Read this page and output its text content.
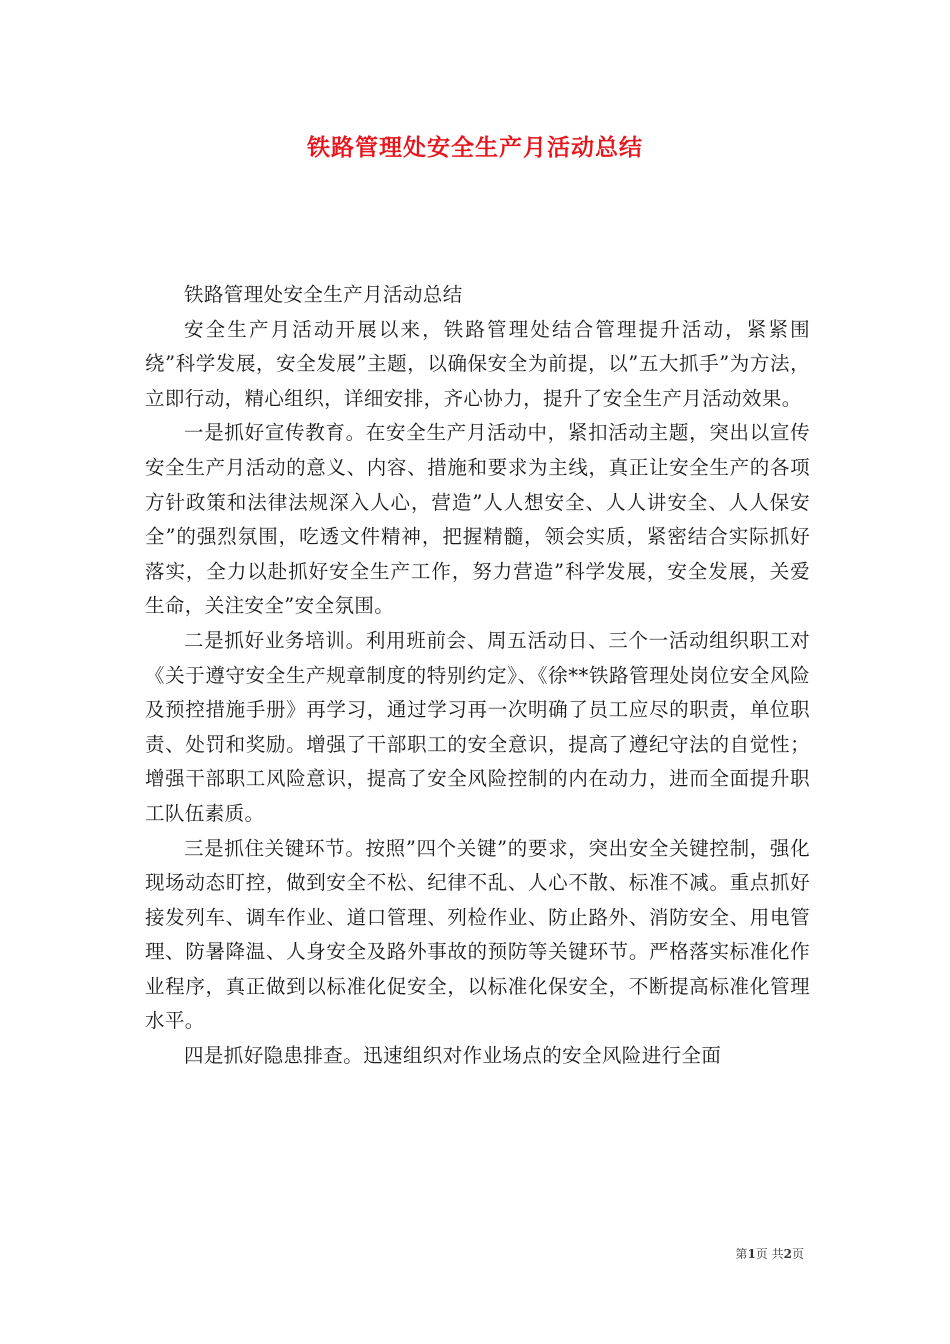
铁路管理处安全生产月活动总结

铁路管理处安全生产月活动总结

安全生产月活动开展以来，铁路管理处结合管理提升活动，紧紧围绕”科学发展，安全发展”主题，以确保安全为前提，以”五大抓手”为方法，立即行动，精心组织，详细安排，齐心协力，提升了安全生产月活动效果。

一是抓好宣传教育。在安全生产月活动中，紧扣活动主题，突出以宣传安全生产月活动的意义、内容、措施和要求为主线，真正让安全生产的各项方针政策和法律法规深入人心，营造”人人想安全、人人讲安全、人人保安全”的强烈氛围，吃透文件精神，把握精髓，领会实质，紧密结合实际抓好落实，全力以赴抓好安全生产工作，努力营造”科学发展，安全发展，关爱生命，关注安全”安全氛围。

二是抓好业务培训。利用班前会、周五活动日、三个一活动组织职工对《关于遵守安全生产规章制度的特别约定》、《徐**铁路管理处岗位安全风险及预控措施手册》再学习，通过学习再一次明确了员工应尽的职责，单位职责、处罚和奖励。增强了干部职工的安全意识，提高了遵纪守法的自觉性；增强干部职工风险意识，提高了安全风险控制的内在动力，进而全面提升职工队伍素质。

三是抓住关键环节。按照”四个关键”的要求，突出安全关键控制，强化现场动态盯控，做到安全不松、纪律不乱、人心不散、标准不减。重点抓好接发列车、调车作业、道口管理、列检作业、防止路外、消防安全、用电管理、防暑降温、人身安全及路外事故的预防等关键环节。严格落实标准化作业程序，真正做到以标准化促安全，以标准化保安全，不断提高标准化管理水平。

四是抓好隐患排查。迅速组织对作业场点的安全风险进行全面

第1页 共2页
